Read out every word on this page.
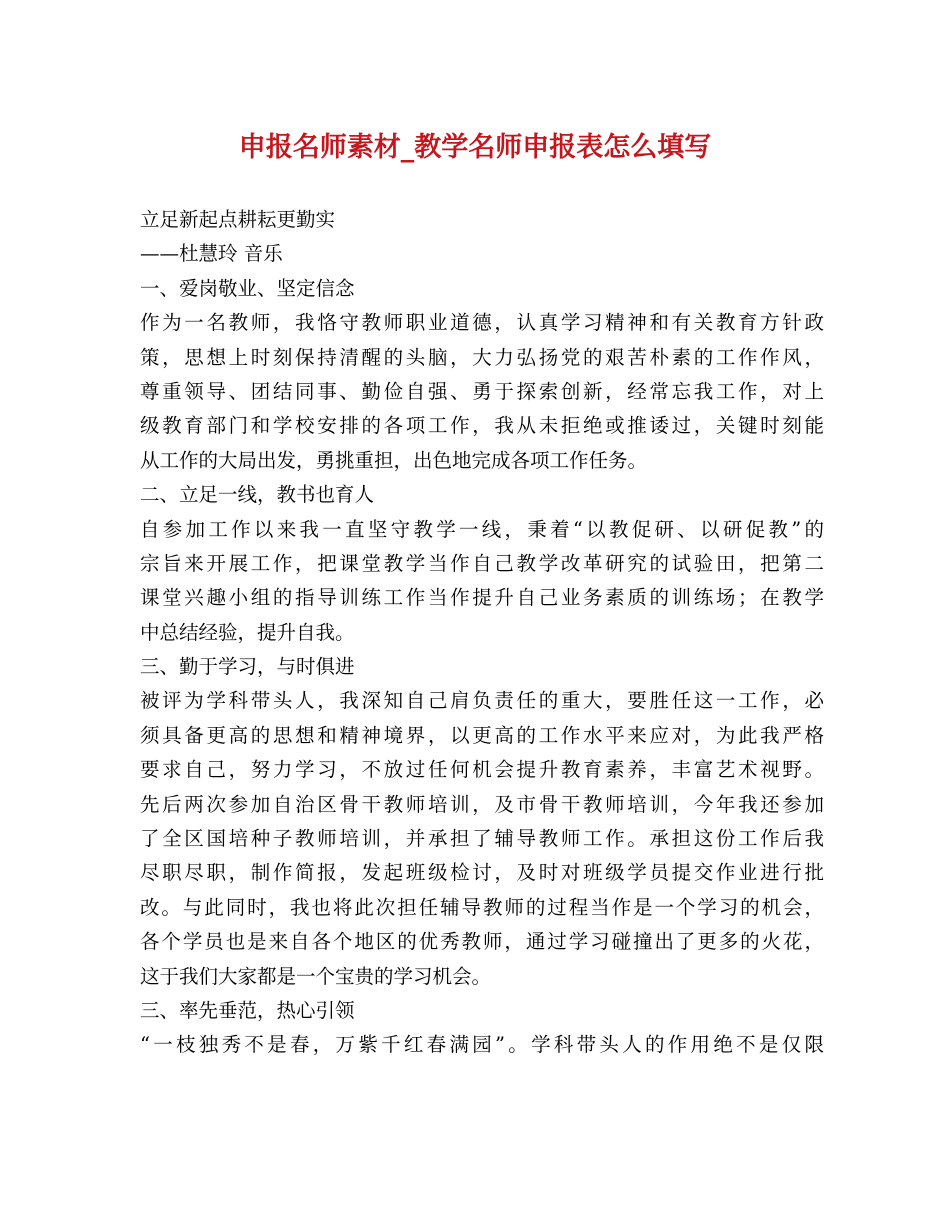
申报名师素材_教学名师申报表怎么填写
立足新起点耕耘更勤实
——杜慧玲 音乐
一、爱岗敬业、坚定信念
作为一名教师，我恪守教师职业道德，认真学习精神和有关教育方针政
策，思想上时刻保持清醒的头脑，大力弘扬党的艰苦朴素的工作作风，
尊重领导、团结同事、勤俭自强、勇于探索创新，经常忘我工作，对上
级教育部门和学校安排的各项工作，我从未拒绝或推诿过，关键时刻能
从工作的大局出发，勇挑重担，出色地完成各项工作任务。
二、立足一线，教书也育人
自参加工作以来我一直坚守教学一线，秉着“以教促研、以研促教”的
宗旨来开展工作，把课堂教学当作自己教学改革研究的试验田，把第二
课堂兴趣小组的指导训练工作当作提升自己业务素质的训练场；在教学
中总结经验，提升自我。
三、勤于学习，与时俱进
被评为学科带头人，我深知自己肩负责任的重大，要胜任这一工作，必
须具备更高的思想和精神境界，以更高的工作水平来应对，为此我严格
要求自己，努力学习，不放过任何机会提升教育素养，丰富艺术视野。
先后两次参加自治区骨干教师培训，及市骨干教师培训，今年我还参加
了全区国培种子教师培训，并承担了辅导教师工作。承担这份工作后我
尽职尽职，制作简报，发起班级检讨，及时对班级学员提交作业进行批
改。与此同时，我也将此次担任辅导教师的过程当作是一个学习的机会，
各个学员也是来自各个地区的优秀教师，通过学习碰撞出了更多的火花，
这于我们大家都是一个宝贵的学习机会。
三、率先垂范，热心引领
“一枝独秀不是春，万紫千红春满园”。学科带头人的作用绝不是仅限
